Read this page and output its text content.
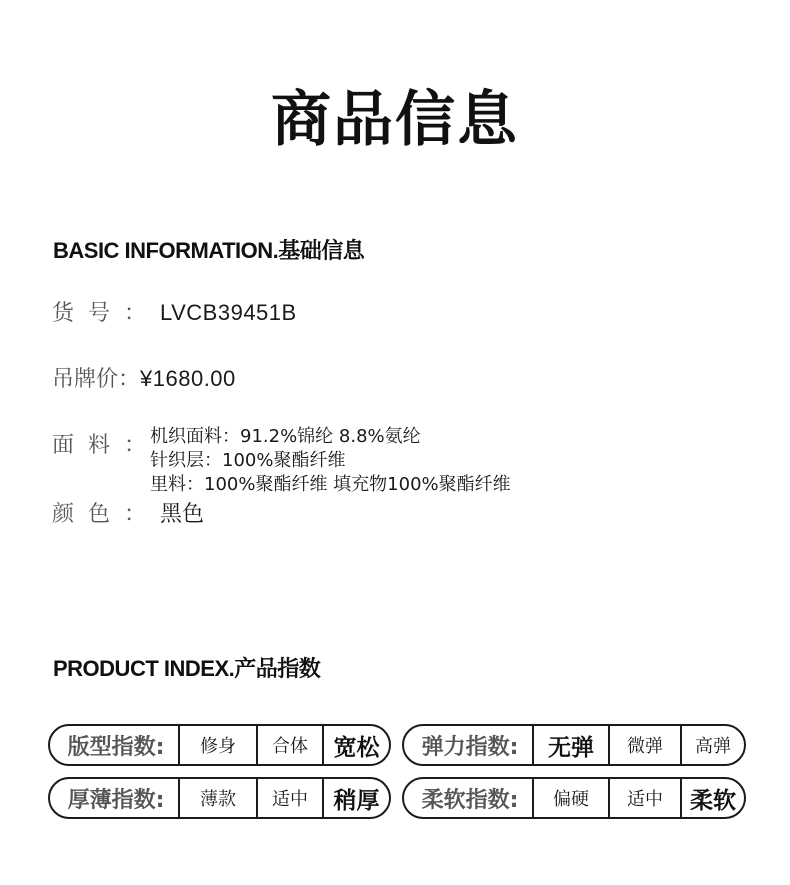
商品信息
BASIC INFORMATION.基础信息
货号：LVCB39451B
吊牌价：¥1680.00
面料：
机织面料：91.2%锦纶 8.8%氨纶
针织层：100%聚酯纤维
里料：100%聚酯纤维 填充物100%聚酯纤维
颜色：黑色
PRODUCT INDEX.产品指数
版型指数:	修身	合体	宽松	弹力指数:	无弹	微弹	高弹
厚薄指数:	薄款	适中	稍厚	柔软指数:	偏硬	适中	柔软
